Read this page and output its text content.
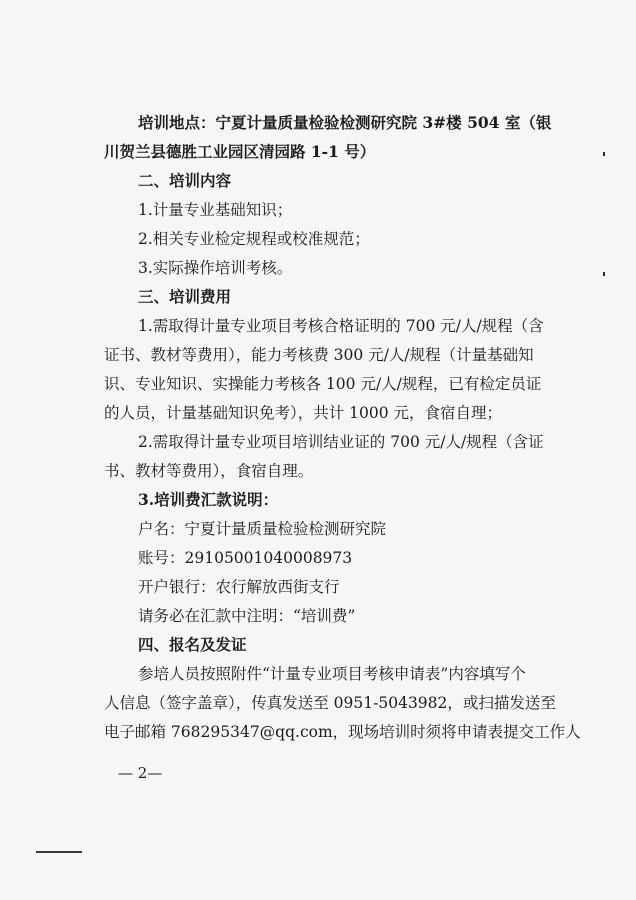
培训地点：宁夏计量质量检验检测研究院 3#楼 504 室（银
川贺兰县德胜工业园区清园路 1-1 号）
二、培训内容
1.计量专业基础知识；
2.相关专业检定规程或校准规范；
3.实际操作培训考核。
三、培训费用
1.需取得计量专业项目考核合格证明的 700 元/人/规程（含
证书、教材等费用），能力考核费 300 元/人/规程（计量基础知
识、专业知识、实操能力考核各 100 元/人/规程，已有检定员证
的人员，计量基础知识免考），共计 1000 元，食宿自理；
2.需取得计量专业项目培训结业证的 700 元/人/规程（含证
书、教材等费用），食宿自理。
3.培训费汇款说明：
户名：宁夏计量质量检验检测研究院
账号：29105001040008973
开户银行：农行解放西街支行
请务必在汇款中注明：“培训费”
四、报名及发证
参培人员按照附件“计量专业项目考核申请表”内容填写个
人信息（签字盖章），传真发送至 0951-5043982，或扫描发送至
电子邮箱 768295347@qq.com，现场培训时须将申请表提交工作人
— 2—
